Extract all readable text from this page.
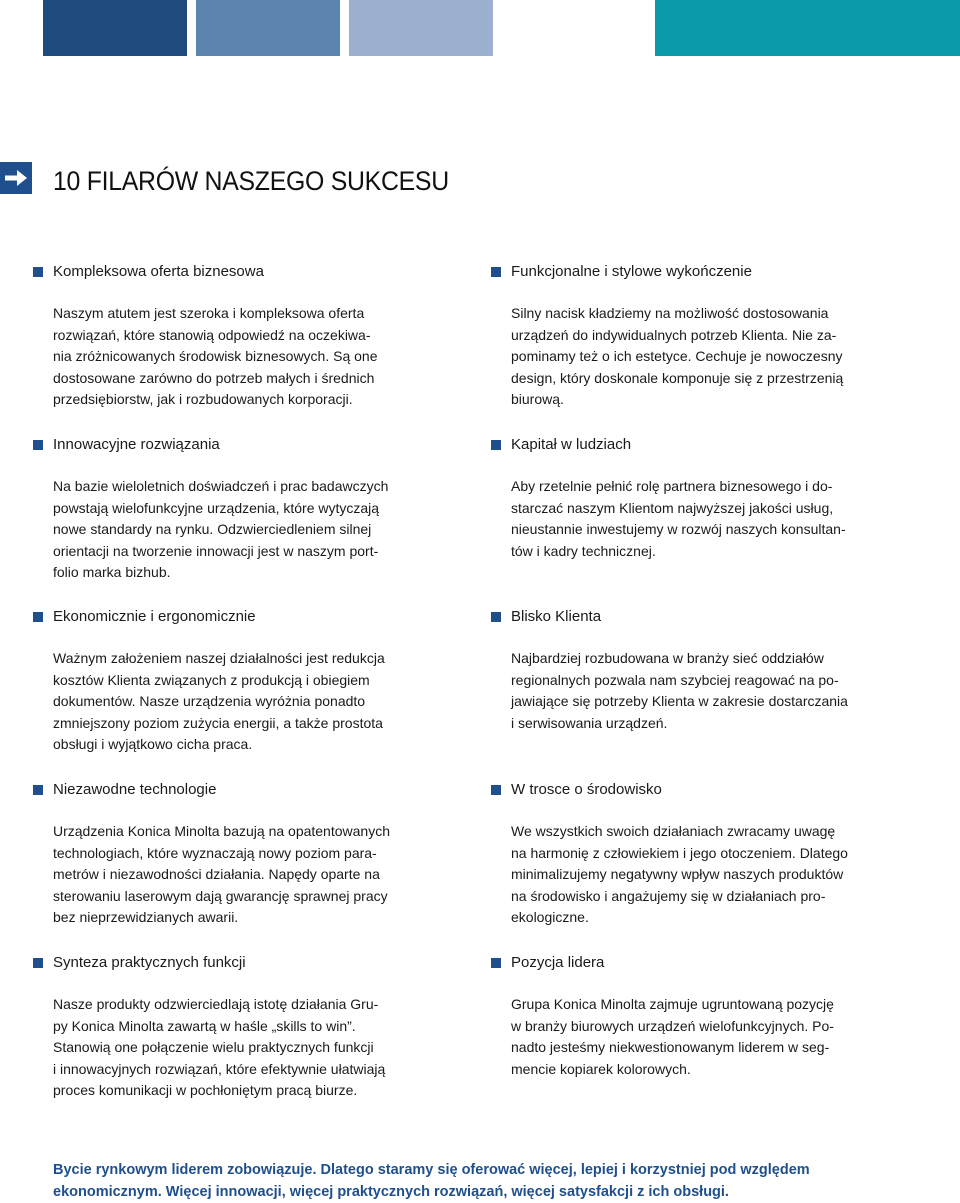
10 FILARÓW NASZEGO SUKCESU
Kompleksowa oferta biznesowa
Naszym atutem jest szeroka i kompleksowa oferta
rozwiązań, które stanowią odpowiedź na oczekiwa-
nia zróżnicowanych środowisk biznesowych. Są one
dostosowane zarówno do potrzeb małych i średnich
przedsiębiorstw, jak i rozbudowanych korporacji.
Innowacyjne rozwiązania
Na bazie wieloletnich doświadczeń i prac badawczych
powstają wielofunkcyjne urządzenia, które wytyczają
nowe standardy na rynku. Odzwierciedleniem silnej
orientacji na tworzenie innowacji jest w naszym port-
folio marka bizhub.
Ekonomicznie i ergonomicznie
Ważnym założeniem naszej działalności jest redukcja
kosztów Klienta związanych z produkcją i obiegiem
dokumentów. Nasze urządzenia wyróżnia ponadto
zmniejszony poziom zużycia energii, a także prostota
obsługi i wyjątkowo cicha praca.
Niezawodne technologie
Urządzenia Konica Minolta bazują na opatentowanych
technologiach, które wyznaczają nowy poziom para-
metrów i niezawodności działania. Napędy oparte na
sterowaniu laserowym dają gwarancję sprawnej pracy
bez nieprzewidzianych awarii.
Synteza praktycznych funkcji
Nasze produkty odzwierciedlają istotę działania Gru-
py Konica Minolta zawartą w haśle „skills to win”.
Stanowią one połączenie wielu praktycznych funkcji
i innowacyjnych rozwiązań, które efektywnie ułatwiają
proces komunikacji w pochłoniętym pracą biurze.
Funkcjonalne i stylowe wykończenie
Silny nacisk kładziemy na możliwość dostosowania
urządzeń do indywidualnych potrzeb Klienta. Nie za-
pominamy też o ich estetyce. Cechuje je nowoczesny
design, który doskonale komponuje się z przestrzenią
biurową.
Kapitał w ludziach
Aby rzetelnie pełnić rolę partnera biznesowego i do-
starczać naszym Klientom najwyższej jakości usług,
nieustannie inwestujemy w rozwój naszych konsultan-
tów i kadry technicznej.
Blisko Klienta
Najbardziej rozbudowana w branży sieć oddziałów
regionalnych pozwala nam szybciej reagować na po-
jawiające się potrzeby Klienta w zakresie dostarczania
i serwisowania urządzeń.
W trosce o środowisko
We wszystkich swoich działaniach zwracamy uwagę
na harmonię z człowiekiem i jego otoczeniem. Dlatego
minimalizujemy negatywny wpływ naszych produktów
na środowisko i angażujemy się w działaniach pro-
ekologiczne.
Pozycja lidera
Grupa Konica Minolta zajmuje ugruntowaną pozycję
w branży biurowych urządzeń wielofunkcyjnych. Po-
nadto jesteśmy niekwestionowanym liderem w seg-
mencie kopiarek kolorowych.
Bycie rynkowym liderem zobowiązuje. Dlatego staramy się oferować więcej, lepiej i korzystniej pod względem
ekonomicznym. Więcej innowacji, więcej praktycznych rozwiązań, więcej satysfakcji z ich obsługi.
